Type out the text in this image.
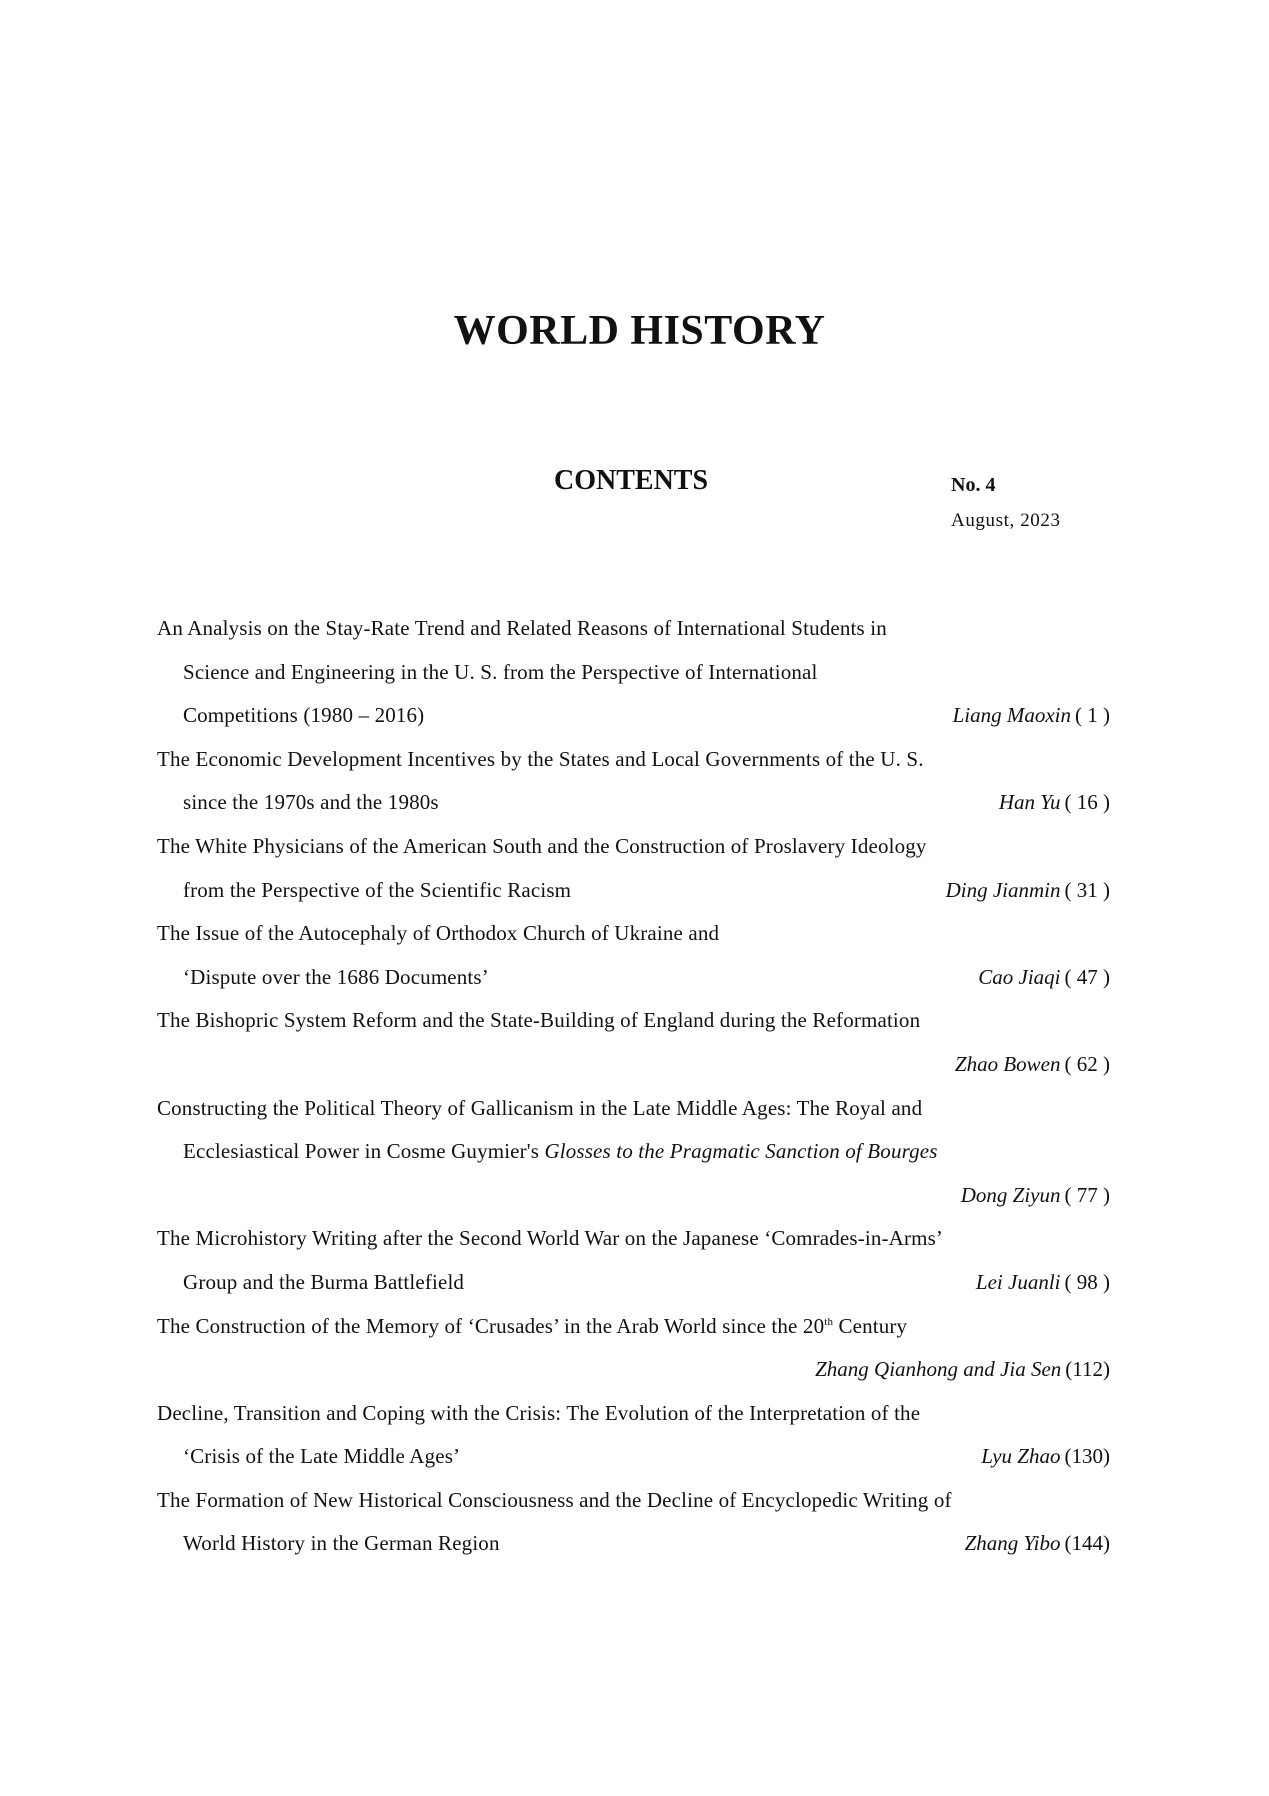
WORLD HISTORY
CONTENTS	No. 4
August, 2023
An Analysis on the Stay-Rate Trend and Related Reasons of International Students in
Science and Engineering in the U. S. from the Perspective of International
Competitions (1980 – 2016)	Liang Maoxin ( 1 )
The Economic Development Incentives by the States and Local Governments of the U. S.
since the 1970s and the 1980s	Han Yu ( 16 )
The White Physicians of the American South and the Construction of Proslavery Ideology
from the Perspective of the Scientific Racism	Ding Jianmin ( 31 )
The Issue of the Autocephaly of Orthodox Church of Ukraine and
‘Dispute over the 1686 Documents’	Cao Jiaqi ( 47 )
The Bishopric System Reform and the State-Building of England during the Reformation
Zhao Bowen ( 62 )
Constructing the Political Theory of Gallicanism in the Late Middle Ages: The Royal and
Ecclesiastical Power in Cosme Guymier's Glosses to the Pragmatic Sanction of Bourges
Dong Ziyun ( 77 )
The Microhistory Writing after the Second World War on the Japanese ‘Comrades-in-Arms’
Group and the Burma Battlefield	Lei Juanli ( 98 )
The Construction of the Memory of ‘Crusades’ in the Arab World since the 20th Century
Zhang Qianhong and Jia Sen (112)
Decline, Transition and Coping with the Crisis: The Evolution of the Interpretation of the
‘Crisis of the Late Middle Ages’	Lyu Zhao (130)
The Formation of New Historical Consciousness and the Decline of Encyclopedic Writing of
World History in the German Region	Zhang Yibo (144)
